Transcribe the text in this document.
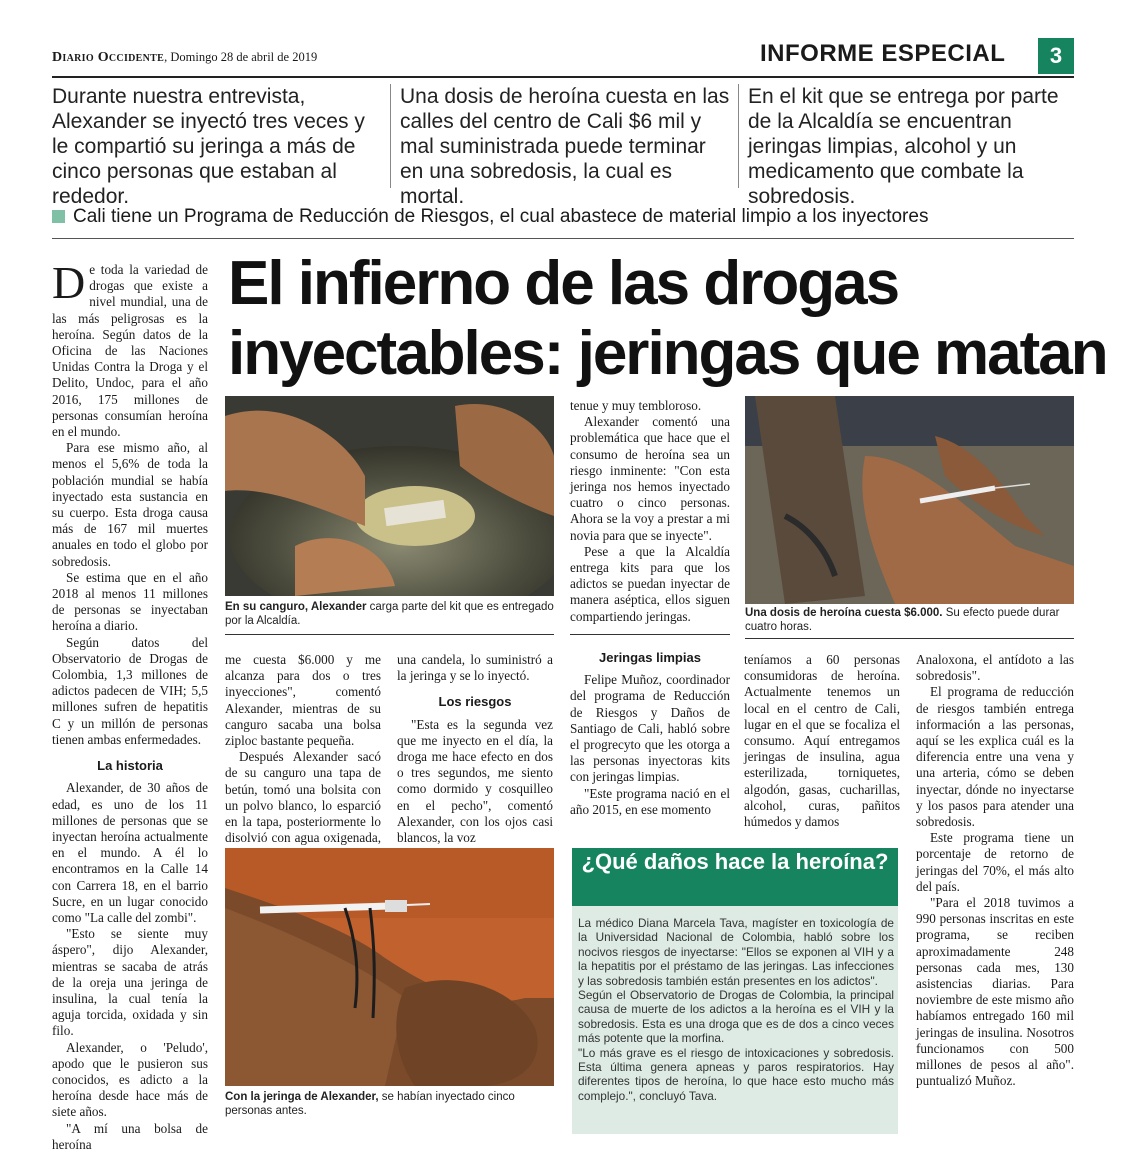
Diario Occidente, Domingo 28 de abril de 2019	INFORME ESPECIAL	3
Durante nuestra entrevista, Alexander se inyectó tres veces y le compartió su jeringa a más de cinco personas que estaban al rededor.
Una dosis de heroína cuesta en las calles del centro de Cali $6 mil y mal suministrada puede terminar en una sobredosis, la cual es mortal.
En el kit que se entrega por parte de la Alcaldía se encuentran jeringas limpias, alcohol y un medicamento que combate la sobredosis.
Cali tiene un Programa de Reducción de Riesgos, el cual abastece de material limpio a los inyectores
El infierno de las drogas
inyectables: jeringas que matan

De toda la variedad de drogas que existe a nivel mundial, una de las más peligrosas es la heroína. Según datos de la Oficina de las Naciones Unidas Contra la Droga y el Delito, Undoc, para el año 2016, 175 millones de personas consumían heroína en el mundo.

Para ese mismo año, al menos el 5,6% de toda la población mundial se había inyectado esta sustancia en su cuerpo. Esta droga causa más de 167 mil muertes anuales en todo el globo por sobredosis.

Se estima que en el año 2018 al menos 11 millones de personas se inyectaban heroína a diario.

Según datos del Observatorio de Drogas de Colombia, 1,3 millones de adictos padecen de VIH; 5,5 millones sufren de hepatitis C y un millón de personas tienen ambas enfermedades.

La historia

Alexander, de 30 años de edad, es uno de los 11 millones de personas que se inyectan heroína actualmente en el mundo. A él lo encontramos en la Calle 14 con Carrera 18, en el barrio Sucre, en un lugar conocido como "La calle del zombi".

"Esto se siente muy áspero", dijo Alexander, mientras se sacaba de atrás de la oreja una jeringa de insulina, la cual tenía la aguja torcida, oxidada y sin filo.

Alexander, o 'Peludo', apodo que le pusieron sus conocidos, es adicto a la heroína desde hace más de siete años.

"A mí una bolsa de heroína

En su canguro, Alexander carga parte del kit que es entregado por la Alcaldía.

tenue y muy tembloroso.

Alexander comentó una problemática que hace que el consumo de heroína sea un riesgo inminente: "Con esta jeringa nos hemos inyectado cuatro o cinco personas. Ahora se la voy a prestar a mi novia para que se inyecte".

Pese a que la Alcaldía entrega kits para que los adictos se puedan inyectar de manera aséptica, ellos siguen compartiendo jeringas.	Una dosis de heroína cuesta $6.000. Su efecto puede durar cuatro horas.

me cuesta $6.000 y me alcanza para dos o tres inyecciones", comentó Alexander, mientras de su canguro sacaba una bolsa ziploc bastante pequeña.

Después Alexander sacó de su canguro una tapa de betún, tomó una bolsita con un polvo blanco, lo esparció en la tapa, posteriormente lo disolvió con agua oxigenada,

una candela, lo suministró a la jeringa y se lo inyectó.

Los riesgos

"Esta es la segunda vez que me inyecto en el día, la droga me hace efecto en dos o tres segundos, me siento como dormido y cosquilleo en el pecho", comentó Alexander, con los ojos casi blancos, la voz

Jeringas limpias

Felipe Muñoz, coordinador del programa de Reducción de Riesgos y Daños de Santiago de Cali, habló sobre el progrecyto que les otorga a las personas inyectoras kits con jeringas limpias.

"Este programa nació en el año 2015, en ese momento

teníamos a 60 personas consumidoras de heroína. Actualmente tenemos un local en el centro de Cali, lugar en el que se focaliza el consumo. Aquí entregamos jeringas de insulina, agua esterilizada, torniquetes, algodón, gasas, cucharillas, alcohol, curas, pañitos húmedos y damos

Analoxona, el antídoto a las sobredosis".

El programa de reducción de riesgos también entrega información a las personas, aquí se les explica cuál es la diferencia entre una vena y una arteria, cómo se deben inyectar, dónde no inyectarse y los pasos para atender una sobredosis.

Este programa tiene un porcentaje de retorno de jeringas del 70%, el más alto del país.

"Para el 2018 tuvimos a 990 personas inscritas en este programa, se reciben aproximadamente 248 personas cada mes, 130 asistencias diarias. Para noviembre de este mismo año habíamos entregado 160 mil jeringas de insulina. Nosotros funcionamos con 500 millones de pesos al año". puntualizó Muñoz.

Con la jeringa de Alexander, se habían inyectado cinco personas antes.
¿Qué daños hace la heroína?

La médico Diana Marcela Tava, magíster en toxicología de la Universidad Nacional de Colombia, habló sobre los nocivos riesgos de inyectarse: "Ellos se exponen al VIH y a la hepatitis por el préstamo de las jeringas. Las infecciones y las sobredosis también están presentes en los adictos".

Según el Observatorio de Drogas de Colombia, la principal causa de muerte de los adictos a la heroína es el VIH y la sobredosis. Esta es una droga que es de dos a cinco veces más potente que la morfina.

"Lo más grave es el riesgo de intoxicaciones y sobredosis. Esta última genera apneas y paros respiratorios. Hay diferentes tipos de heroína, lo que hace esto mucho más complejo.", concluyó Tava.
